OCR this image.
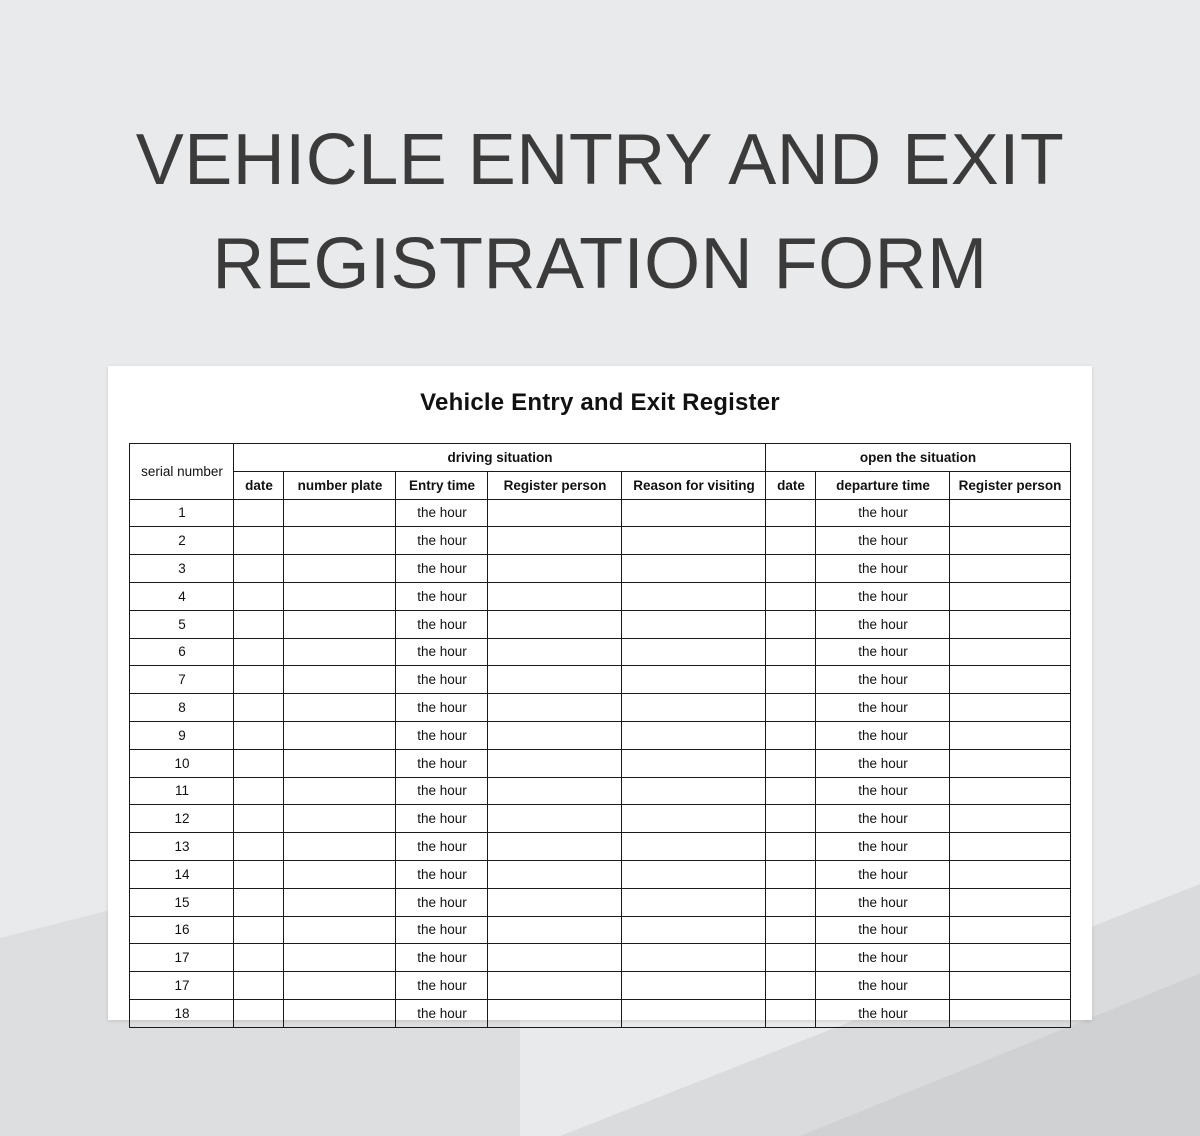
VEHICLE ENTRY AND EXIT
REGISTRATION FORM
Vehicle Entry and Exit Register
serial number	driving situation					open the situation		
	date	number plate	Entry time	Register person	Reason for visiting	date	departure time	Register person
1			the hour				the hour	
2			the hour				the hour	
3			the hour				the hour	
4			the hour				the hour	
5			the hour				the hour	
6			the hour				the hour	
7			the hour				the hour	
8			the hour				the hour	
9			the hour				the hour	
10			the hour				the hour	
11			the hour				the hour	
12			the hour				the hour	
13			the hour				the hour	
14			the hour				the hour	
15			the hour				the hour	
16			the hour				the hour	
17			the hour				the hour	
17			the hour				the hour	
18			the hour				the hour	
